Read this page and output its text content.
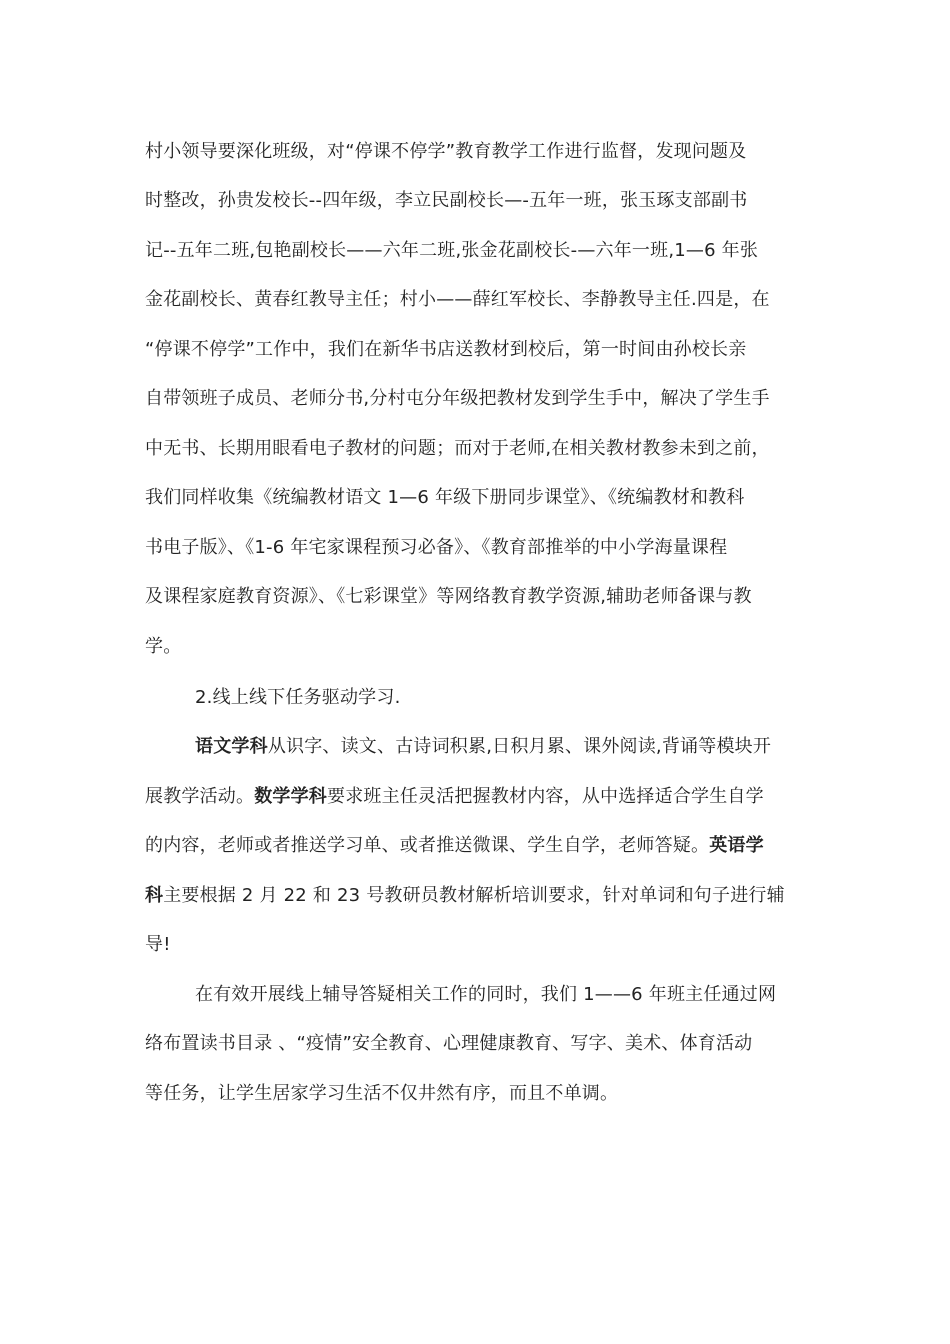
村小领导要深化班级，对“停课不停学”教育教学工作进行监督，发现问题及
时整改，孙贵发校长--四年级，李立民副校长—-五年一班，张玉琢支部副书
记--五年二班,包艳副校长——六年二班,张金花副校长-—六年一班,1—6 年张
金花副校长、黄春红教导主任；村小——薛红军校长、李静教导主任.四是，在
“停课不停学”工作中，我们在新华书店送教材到校后，第一时间由孙校长亲
自带领班子成员、老师分书,分村屯分年级把教材发到学生手中，解决了学生手
中无书、长期用眼看电子教材的问题；而对于老师,在相关教材教参未到之前，
我们同样收集《统编教材语文 1—6 年级下册同步课堂》、《统编教材和教科
书电子版》、《1-6 年宅家课程预习必备》、《教育部推举的中小学海量课程
及课程家庭教育资源》、《七彩课堂》等网络教育教学资源,辅助老师备课与教
学。
2.线上线下任务驱动学习.
语文学科从识字、读文、古诗词积累,日积月累、课外阅读,背诵等模块开
展教学活动。数学学科要求班主任灵活把握教材内容，从中选择适合学生自学
的内容，老师或者推送学习单、或者推送微课、学生自学，老师答疑。英语学
科主要根据 2 月 22 和 23 号教研员教材解析培训要求，针对单词和句子进行辅
导!
在有效开展线上辅导答疑相关工作的同时，我们 1——6 年班主任通过网
络布置读书目录 、“疫情”安全教育、心理健康教育、写字、美术、体育活动
等任务，让学生居家学习生活不仅井然有序，而且不单调。
